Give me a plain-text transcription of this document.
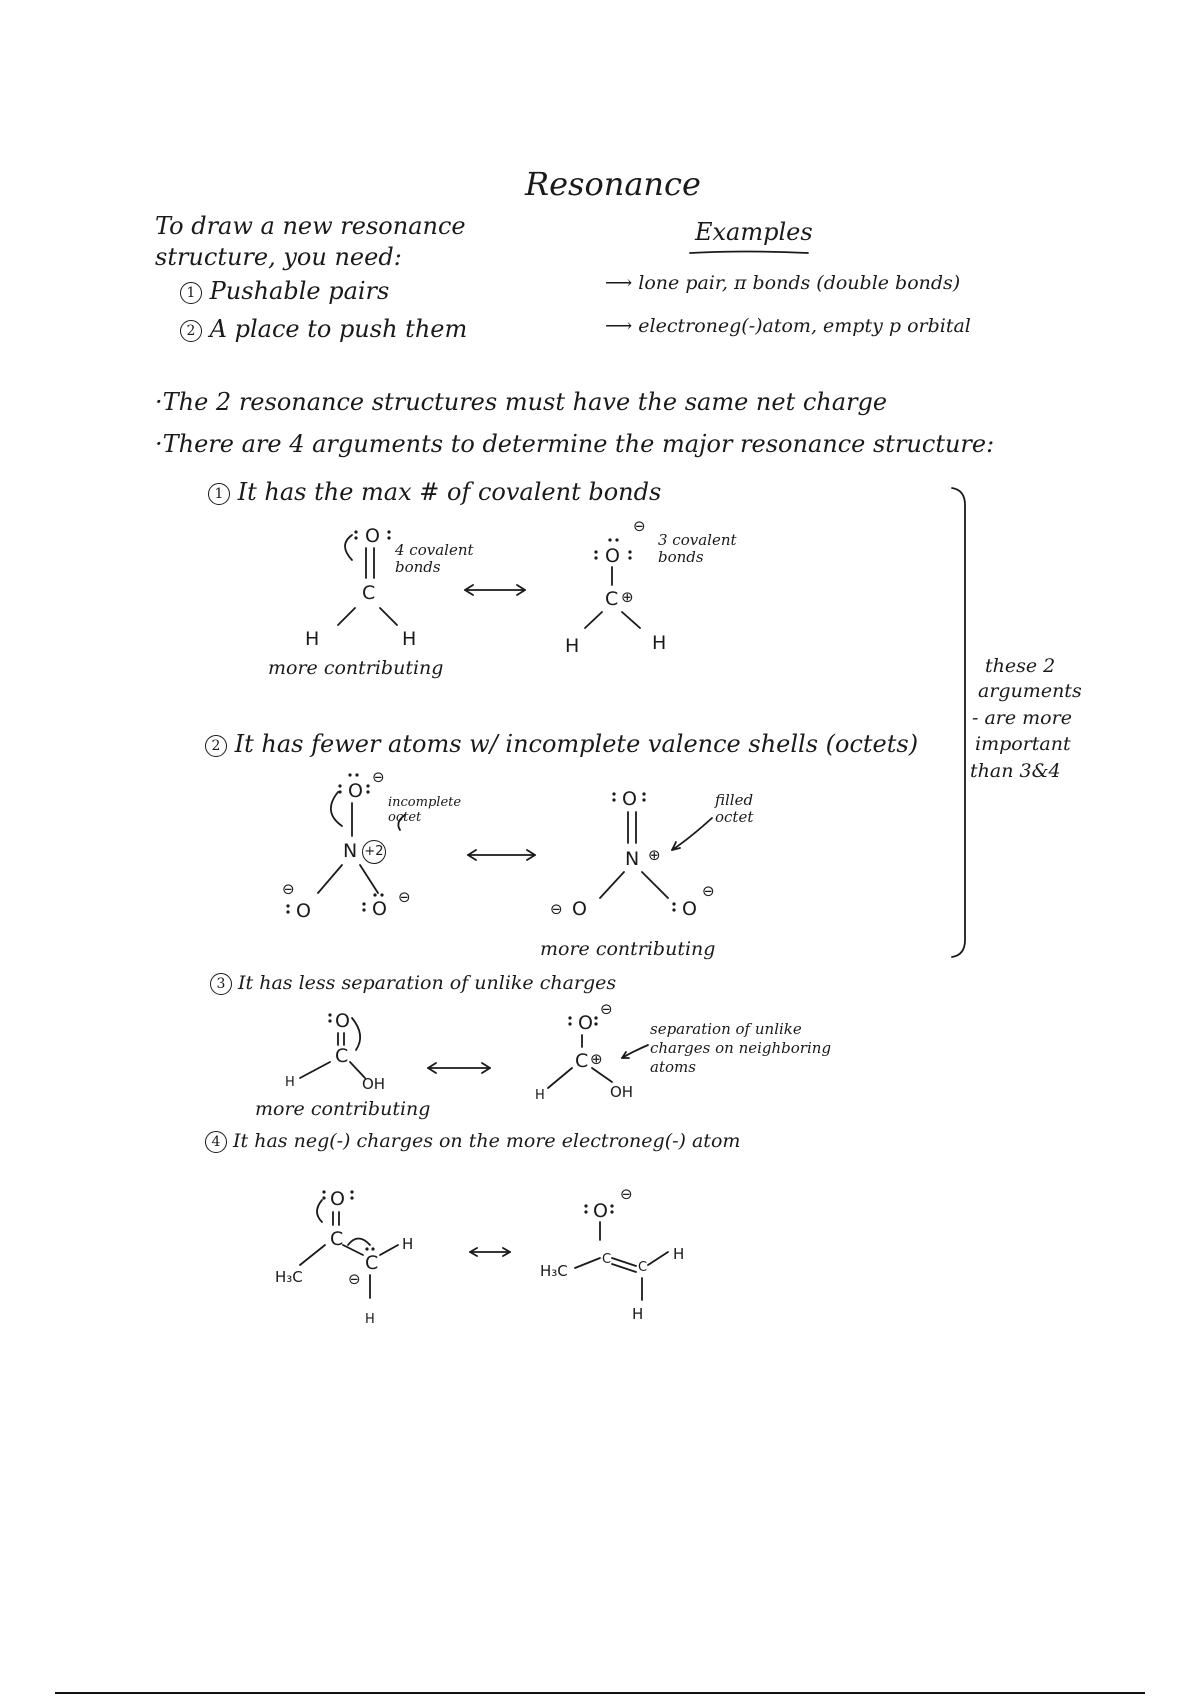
Resonance
To draw a new resonance
structure, you need:
1 Pushable pairs
2 A place to push them
Examples
⟶ lone pair, π bonds (double bonds)
⟶ electroneg(-)atom, empty p orbital
·The 2 resonance structures must have the same net charge
·There are 4 arguments to determine the major resonance structure:
1 It has the max # of covalent bonds
2 It has fewer atoms w/ incomplete valence shells (octets)
3 It has less separation of unlike charges
4 It has neg(-) charges on the more electroneg(-) atom
these 2
arguments
- are more
important
than 3&4
O
C
H	H
4 covalent bonds
more contributing
O
⊖
C ⊕
H	H
3 covalent bonds
O
⊖
N +2
incomplete octet
O
⊖
O
⊖
O
N ⊕
filled octet
O
⊖	O
⊖
more contributing
O
C
H	OH
more contributing
O
⊖
C ⊕
H	OH
separation of unlike charges on neighboring atoms
O
C
H₃C
C
⊖
H
H
O
⊖
H₃C
C
C
H
H
